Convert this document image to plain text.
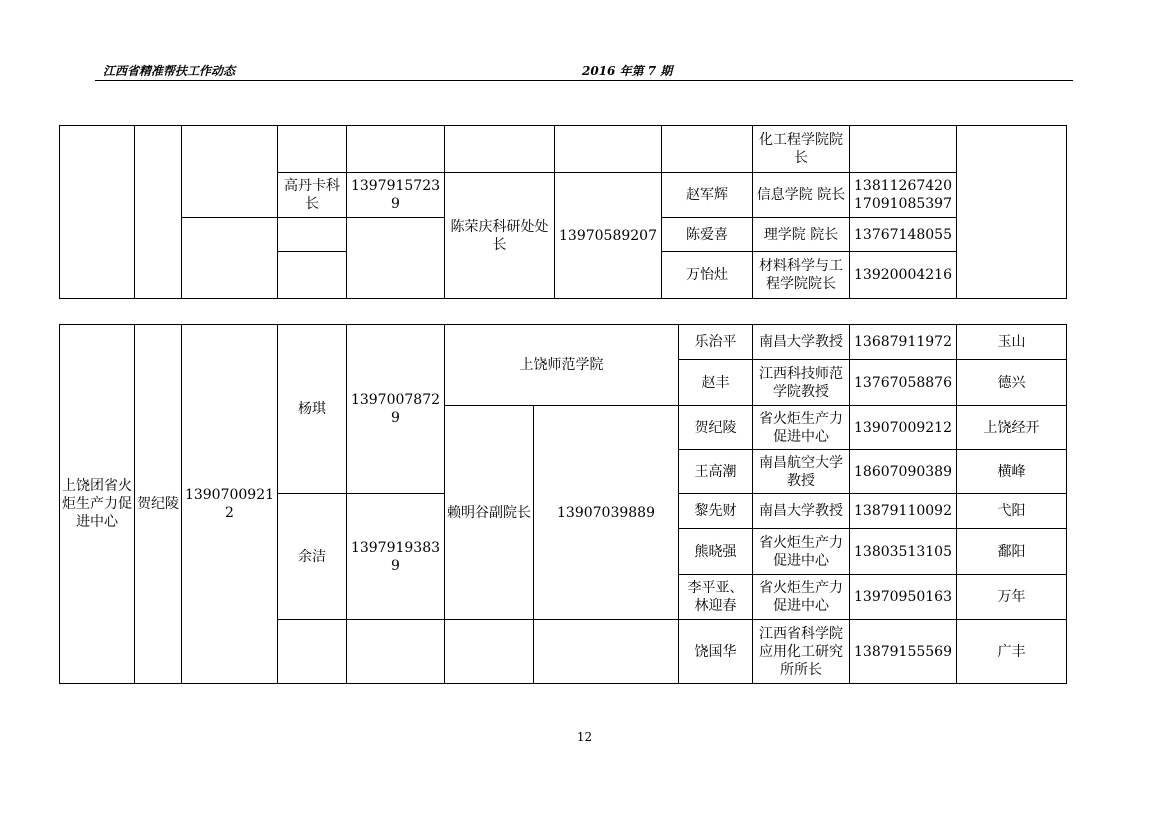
江西省精准帮扶工作动态	2016 年第 7 期
								化工程学院院长		
			高丹卡科长	13979157239	陈荣庆科研处处长	13970589207	赵军辉	信息学院 院长	13811267420 17091085397	
							陈爱喜	理学院 院长	13767148055	
							万怡灶	材料科学与工程学院院长	13920004216	
上饶团省火炬生产力促进中心	贺纪陵	13907009212	杨琪	13970078729	上饶师范学院		乐治平	南昌大学教授	13687911972	玉山
							赵丰	江西科技师范学院教授	13767058876	德兴
					赖明谷副院长	13907039889	贺纪陵	省火炬生产力促进中心	13907009212	上饶经开
							王高潮	南昌航空大学教授	18607090389	横峰
			余洁	13979193839			黎先财	南昌大学教授	13879110092	弋阳
							熊晓强	省火炬生产力促进中心	13803513105	鄱阳
							李平亚、林迎春	省火炬生产力促进中心	13970950163	万年
							饶国华	江西省科学院应用化工研究所所长	13879155569	广丰
12
